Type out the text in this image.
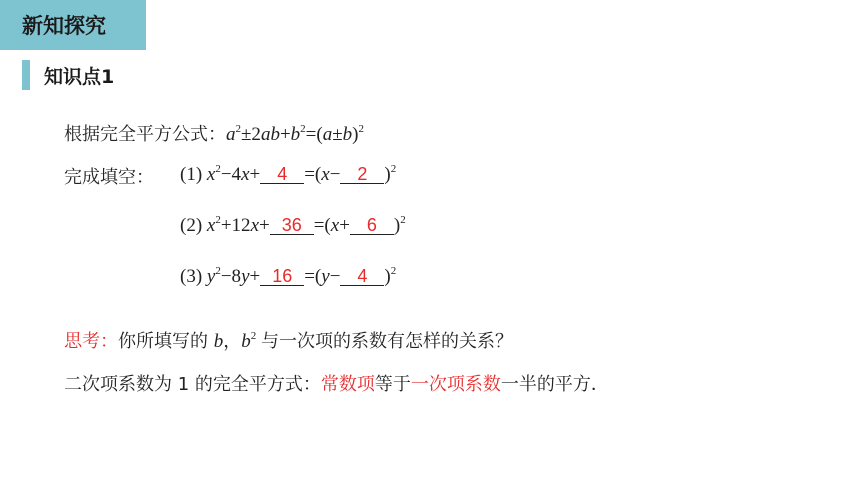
新知探究
知识点1
根据完全平方公式：$a^2\pm 2ab+b^2=(a\pm b)^2$
完成填空： (1) $x^2-4x+ 4 =(x- 2$ )$^2$
(2) $x^2+12x+ 36 =(x+ 6$ )$^2$
(3) $y^2-8y+ 16 =(y- 4$ )$^2$
思考：你所填写的 b，$b^2$ 与一次项的系数有怎样的关系？
二次项系数为 1 的完全平方式：常数项等于一次项系数一半的平方．
